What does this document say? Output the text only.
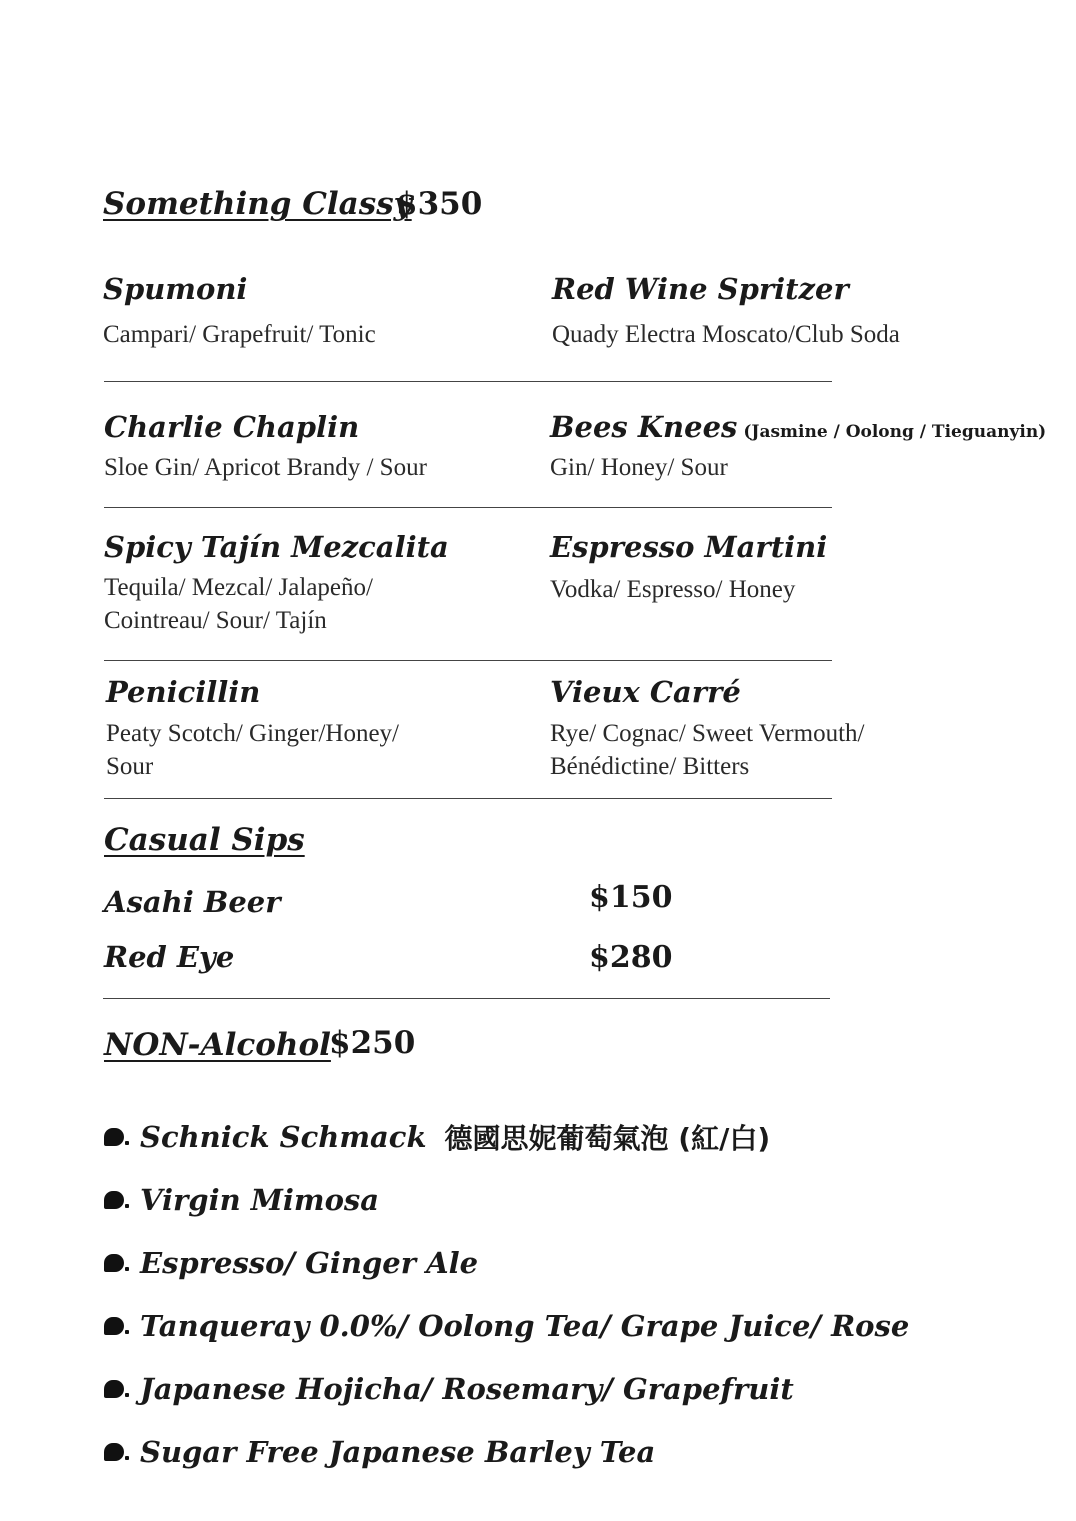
Something Classy
$350
Spumoni
Campari/ Grapefruit/ Tonic
Red Wine Spritzer
Quady Electra Moscato/Club Soda
Charlie Chaplin
Sloe Gin/ Apricot Brandy / Sour
Bees Knees (Jasmine / Oolong / Tieguanyin)
Gin/ Honey/ Sour
Spicy Tajín Mezcalita
Tequila/ Mezcal/ Jalapeño/
Cointreau/ Sour/ Tajín
Espresso Martini
Vodka/ Espresso/ Honey
Penicillin
Peaty Scotch/ Ginger/Honey/
Sour
Vieux Carré
Rye/ Cognac/ Sweet Vermouth/
Bénédictine/ Bitters
Casual Sips
Asahi Beer	$150
Red Eye	$280
NON-Alcohol
$250
Schnick Schmack 德國思妮葡萄氣泡 (紅/白)
Virgin Mimosa
Espresso/ Ginger Ale
Tanqueray 0.0%/ Oolong Tea/ Grape Juice/ Rose
Japanese Hojicha/ Rosemary/ Grapefruit
Sugar Free Japanese Barley Tea
